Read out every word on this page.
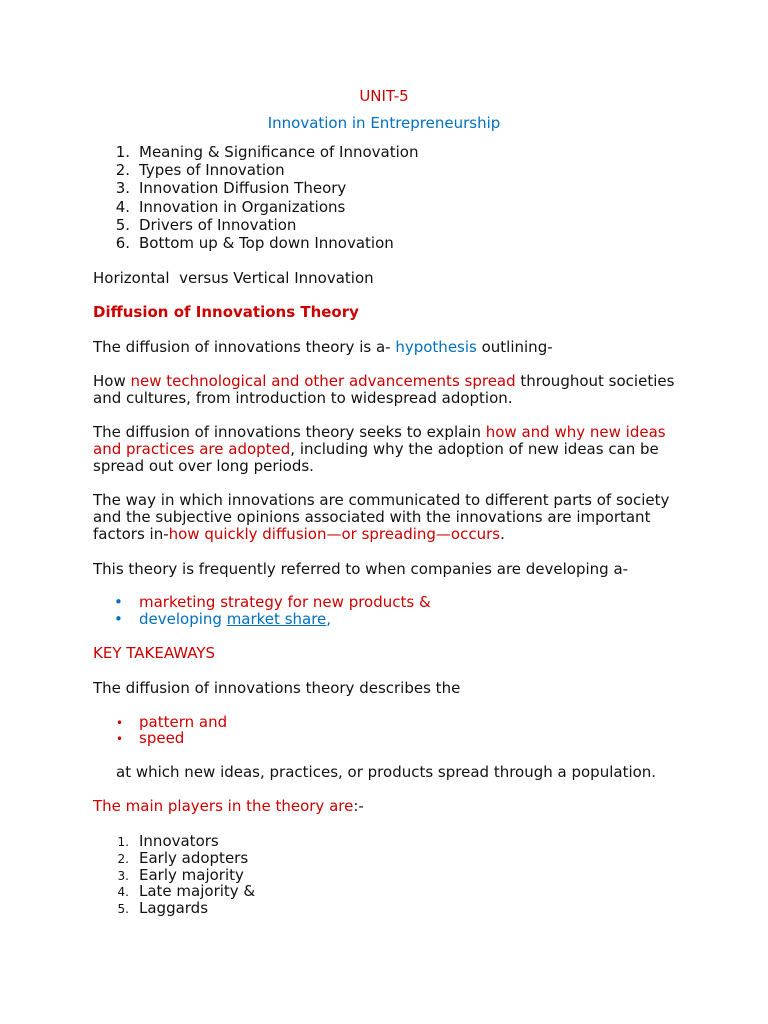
UNIT-5
Innovation in Entrepreneurship
1. Meaning & Significance of Innovation
2. Types of Innovation
3. Innovation Diffusion Theory
4. Innovation in Organizations
5. Drivers of Innovation
6. Bottom up & Top down Innovation
Horizontal  versus Vertical Innovation
Diffusion of Innovations Theory
The diffusion of innovations theory is a- hypothesis outlining-
How new technological and other advancements spread throughout societies and cultures, from introduction to widespread adoption.
The diffusion of innovations theory seeks to explain how and why new ideas and practices are adopted, including why the adoption of new ideas can be spread out over long periods.
The way in which innovations are communicated to different parts of society and the subjective opinions associated with the innovations are important factors in-how quickly diffusion—or spreading—occurs.
This theory is frequently referred to when companies are developing a-
• marketing strategy for new products &
• developing market share,
KEY TAKEAWAYS
The diffusion of innovations theory describes the
• pattern and
• speed
at which new ideas, practices, or products spread through a population.
The main players in the theory are:-
1. Innovators
2. Early adopters
3. Early majority
4. Late majority &
5. Laggards
